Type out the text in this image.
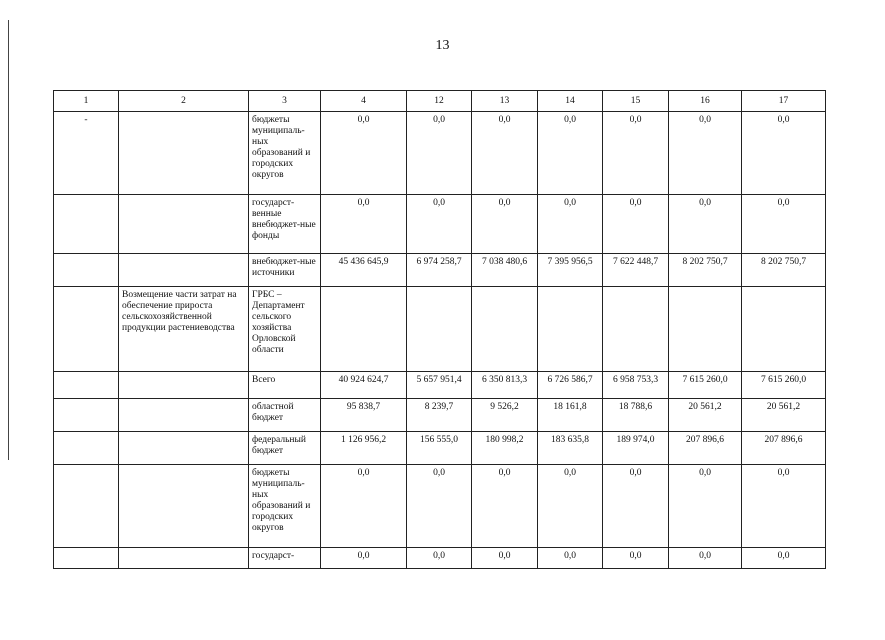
13
1	2	3	4	12	13	14	15	16	17
-		бюджеты муниципаль-ных образований и городских округов	0,0	0,0	0,0	0,0	0,0	0,0	0,0
		государст-венные внебюджет-ные фонды	0,0	0,0	0,0	0,0	0,0	0,0	0,0
		внебюджет-ные источники	45 436 645,9	6 974 258,7	7 038 480,6	7 395 956,5	7 622 448,7	8 202 750,7	8 202 750,7
	Возмещение части затрат на обеспечение прироста сельскохозяйственной продукции растениеводства	ГРБС – Департамент сельского хозяйства Орловской области							
		Всего	40 924 624,7	5 657 951,4	6 350 813,3	6 726 586,7	6 958 753,3	7 615 260,0	7 615 260,0
		областной бюджет	95 838,7	8 239,7	9 526,2	18 161,8	18 788,6	20 561,2	20 561,2
		федеральный бюджет	1 126 956,2	156 555,0	180 998,2	183 635,8	189 974,0	207 896,6	207 896,6
		бюджеты муниципаль-ных образований и городских округов	0,0	0,0	0,0	0,0	0,0	0,0	0,0
		государст-	0,0	0,0	0,0	0,0	0,0	0,0	0,0
